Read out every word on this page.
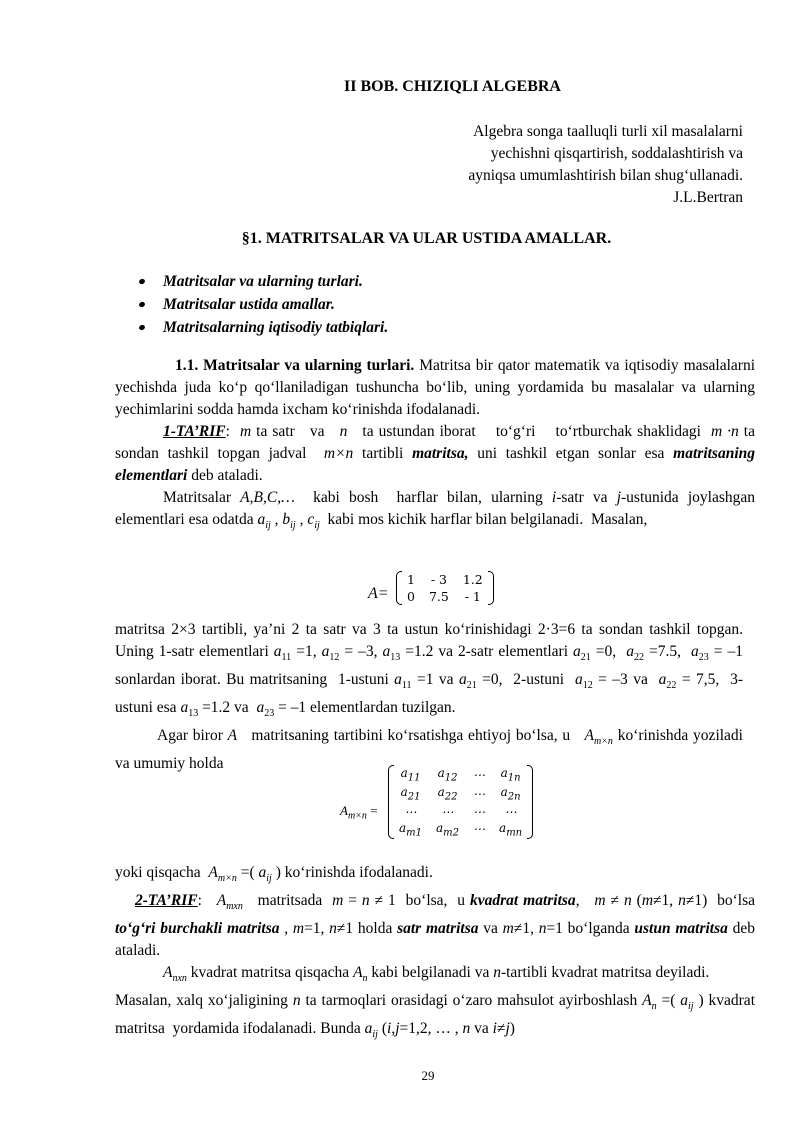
II BOB. CHIZIQLI ALGEBRA
Algebra songa taalluqli turli xil masalalarni
yechishni qisqartirish, soddalashtirish va
ayniqsa umumlashtirish bilan shug‘ullanadi.
J.L.Bertran
§1. MATRITSALAR VA ULAR USTIDA AMALLAR.
Matritsalar va ularning turlari.
Matritsalar ustida amallar.
Matritsalarning iqtisodiy tatbiqlari.

1.1. Matritsalar va ularning turlari. Matritsa bir qator matematik va iqtisodiy masalalarni yechishda juda ko‘p qo‘llaniladigan tushuncha bo‘lib, uning yordamida bu masalalar va ularning yechimlarini sodda hamda ixcham ko‘rinishda ifodalanadi.

1-TA’RIF:  m ta satr   va   n   ta ustundan iborat    to‘g‘ri    to‘rtburchak shaklidagi  m ·n ta sondan tashkil topgan jadval  m×n tartibli matritsa, uni tashkil etgan sonlar esa matritsaning elementlari deb ataladi.

Matritsalar A,B,C,…  kabi bosh  harflar bilan, ularning i-satr va j-ustunida joylashgan elementlari esa odatda $a_{ij}$ , $b_{ij}$ , $c_{ij}$  kabi mos kichik harflar bilan belgilanadi.  Masalan,

A=
1	- 3	1.2
0	7.5	- 1

matritsa 2×3 tartibli, ya’ni 2 ta satr va 3 ta ustun ko‘rinishidagi 2·3=6 ta sondan tashkil topgan. Uning 1-satr elementlari $a_{11} =1$, $a_{12} = -3$, $a_{13} =1.2$ va 2-satr elementlari $a_{21} =0$,  $a_{22} =7.5$,  $a_{23} = -1$ sonlardan iborat. Bu matritsaning  1-ustuni $a_{11} =1$ va $a_{21} =0$,  2-ustuni  $a_{12} = -3$ va  $a_{22} = 7,5$,  3-ustuni esa $a_{13} =1.2$ va  $a_{23} = -1$ elementlardan tuzilgan.

Agar biror A   matritsaning tartibini ko‘rsatishga ehtiyoj bo‘lsa, u   $A_{m\times n}$ ko‘rinishda yoziladi va umumiy holda

$A_{m\times n}$ =
$a_{11}$	$a_{12}$	⋯	$a_{1n}$
$a_{21}$	$a_{22}$	⋯	$a_{2n}$
⋯	⋯	⋯	⋯
$a_{m1}$	$a_{m2}$	⋯	$a_{mn}$

yoki qisqacha  $A_{m\times n}$ =( $a_{ij}$ ) ko‘rinishda ifodalanadi.

2-TA’RIF:   $A_{mxn}$   matritsada  m = n ≠ 1  bo‘lsa,  u kvadrat matritsa,   m ≠ n (m≠1, n≠1)  bo‘lsa to‘g‘ri burchakli matritsa , m=1, n≠1 holda satr matritsa va m≠1, n=1 bo‘lganda ustun matritsa deb ataladi.

$A_{nxn}$ kvadrat matritsa qisqacha $A_n$ kabi belgilanadi va n-tartibli kvadrat matritsa deyiladi.

Masalan, xalq xo‘jaligining n ta tarmoqlari orasidagi o‘zaro mahsulot ayirboshlash $A_n$ =( $a_{ij}$ ) kvadrat matritsa  yordamida ifodalanadi. Bunda $a_{ij}$ (i,j=1,2, … , n va i≠j)

29
